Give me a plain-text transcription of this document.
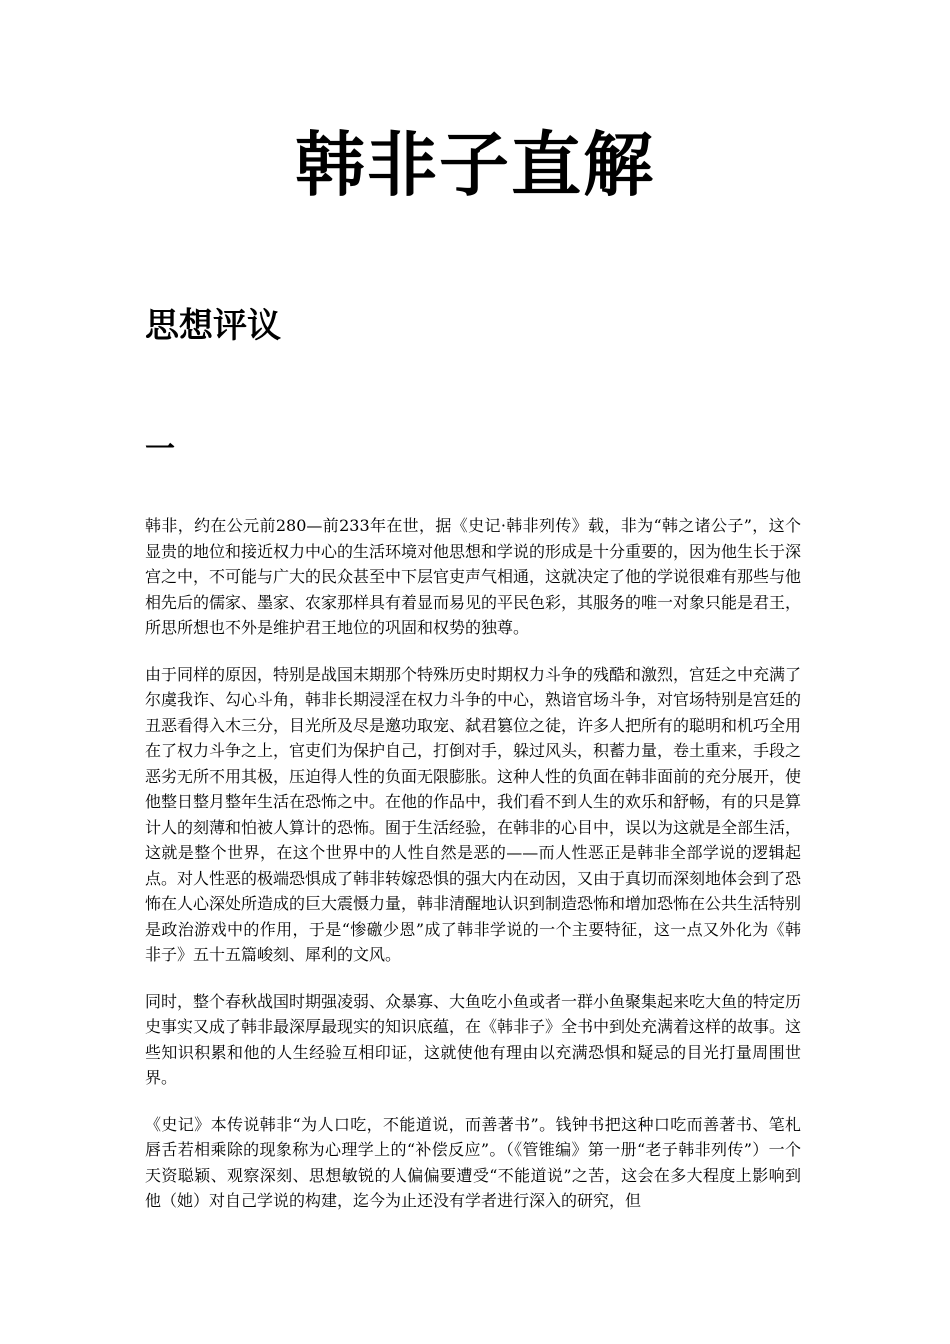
韩非子直解
思想评议
一

韩非，约在公元前280—前233年在世，据《史记·韩非列传》载，非为“韩之诸公子”，这个显贵的地位和接近权力中心的生活环境对他思想和学说的形成是十分重要的，因为他生长于深宫之中，不可能与广大的民众甚至中下层官吏声气相通，这就决定了他的学说很难有那些与他相先后的儒家、墨家、农家那样具有着显而易见的平民色彩，其服务的唯一对象只能是君王，所思所想也不外是维护君王地位的巩固和权势的独尊。

由于同样的原因，特别是战国末期那个特殊历史时期权力斗争的残酷和激烈，宫廷之中充满了尔虞我诈、勾心斗角，韩非长期浸淫在权力斗争的中心，熟谙官场斗争，对官场特别是宫廷的丑恶看得入木三分，目光所及尽是邀功取宠、弑君篡位之徒，许多人把所有的聪明和机巧全用在了权力斗争之上，官吏们为保护自己，打倒对手，躲过风头，积蓄力量，卷土重来，手段之恶劣无所不用其极，压迫得人性的负面无限膨胀。这种人性的负面在韩非面前的充分展开，使他整日整月整年生活在恐怖之中。在他的作品中，我们看不到人生的欢乐和舒畅，有的只是算计人的刻薄和怕被人算计的恐怖。囿于生活经验，在韩非的心目中，误以为这就是全部生活，这就是整个世界，在这个世界中的人性自然是恶的——而人性恶正是韩非全部学说的逻辑起点。对人性恶的极端恐惧成了韩非转嫁恐惧的强大内在动因，又由于真切而深刻地体会到了恐怖在人心深处所造成的巨大震慑力量，韩非清醒地认识到制造恐怖和增加恐怖在公共生活特别是政治游戏中的作用，于是“惨礉少恩”成了韩非学说的一个主要特征，这一点又外化为《韩非子》五十五篇峻刻、犀利的文风。

同时，整个春秋战国时期强凌弱、众暴寡、大鱼吃小鱼或者一群小鱼聚集起来吃大鱼的特定历史事实又成了韩非最深厚最现实的知识底蕴，在《韩非子》全书中到处充满着这样的故事。这些知识积累和他的人生经验互相印证，这就使他有理由以充满恐惧和疑忌的目光打量周围世界。

《史记》本传说韩非“为人口吃，不能道说，而善著书”。钱钟书把这种口吃而善著书、笔札唇舌若相乘除的现象称为心理学上的“补偿反应”。（《管锥编》第一册“老子韩非列传”）一个天资聪颖、观察深刻、思想敏锐的人偏偏要遭受“不能道说”之苦，这会在多大程度上影响到他（她）对自己学说的构建，迄今为止还没有学者进行深入的研究，但
